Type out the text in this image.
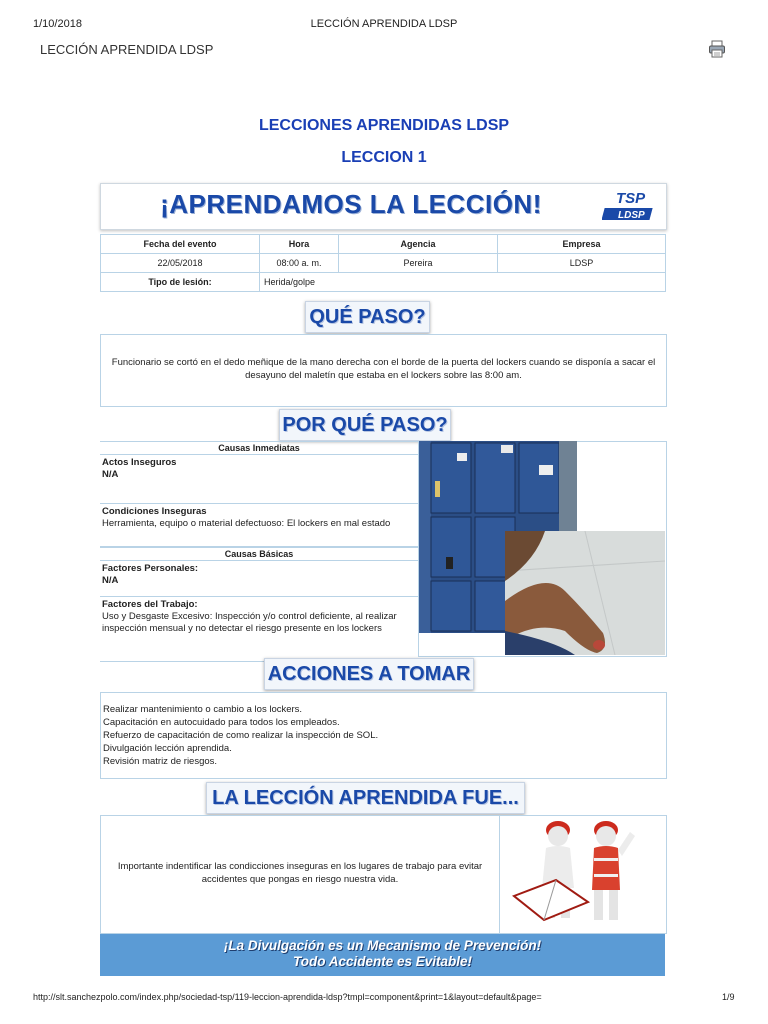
1/10/2018	LECCIÓN APRENDIDA LDSP
LECCIÓN APRENDIDA LDSP
LECCIONES APRENDIDAS LDSP
LECCION 1
¡APRENDAMOS LA LECCIÓN!	TSP
LDSP
Fecha del evento	Hora	Agencia	Empresa
22/05/2018	08:00 a. m.	Pereira	LDSP
Tipo de lesión:	Herida/golpe		
QUÉ PASO?
Funcionario se cortó en el dedo meñique de la mano derecha con el borde de la puerta del lockers cuando se disponía a sacar el desayuno del maletín que estaba en el lockers sobre las 8:00 am.
POR QUÉ PASO?
Causas Inmediatas
Actos Inseguros
N/A
Condiciones Inseguras
Herramienta, equipo o material defectuoso: El lockers en mal estado
Causas Básicas
Factores Personales:
N/A
Factores del Trabajo:
Uso y Desgaste Excesivo: Inspección y/o control deficiente, al realizar inspección mensual y no detectar el riesgo presente en los lockers
ACCIONES A TOMAR
Realizar mantenimiento o cambio a los lockers.
Capacitación en autocuidado para todos los empleados.
Refuerzo de capacitación de como realizar la inspección de SOL.
Divulgación lección aprendida.
Revisión matriz de riesgos.
LA LECCIÓN APRENDIDA FUE...
Importante indentificar las condicciones inseguras en los lugares de trabajo para evitar accidentes que pongas en riesgo nuestra vida.
¡La Divulgación es un Mecanismo de Prevención!
Todo Accidente es Evitable!
http://slt.sanchezpolo.com/index.php/sociedad-tsp/119-leccion-aprendida-ldsp?tmpl=component&print=1&layout=default&page=	1/9
